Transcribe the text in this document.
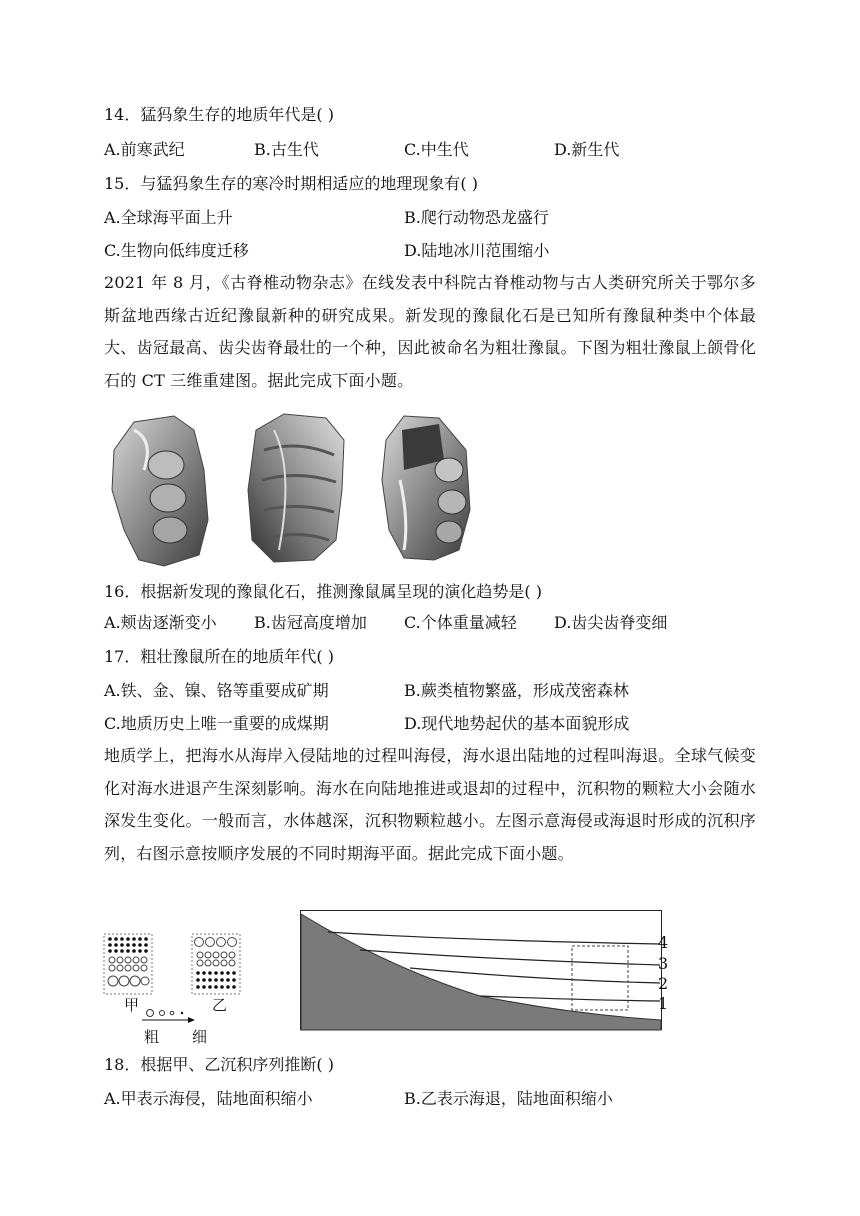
14．猛犸象生存的地质年代是( )
A.前寒武纪	B.古生代	C.中生代	D.新生代
15．与猛犸象生存的寒冷时期相适应的地理现象有( )
A.全球海平面上升	B.爬行动物恐龙盛行
C.生物向低纬度迁移	D.陆地冰川范围缩小
2021 年 8 月，《古脊椎动物杂志》在线发表中科院古脊椎动物与古人类研究所关于鄂尔多斯盆地西缘古近纪豫鼠新种的研究成果。新发现的豫鼠化石是已知所有豫鼠种类中个体最大、齿冠最高、齿尖齿脊最壮的一个种，因此被命名为粗壮豫鼠。下图为粗壮豫鼠上颌骨化石的 CT 三维重建图。据此完成下面小题。
16．根据新发现的豫鼠化石，推测豫鼠属呈现的演化趋势是( )
A.颊齿逐渐变小 B.齿冠高度增加 C.个体重量减轻 D.齿尖齿脊变细
17．粗壮豫鼠所在的地质年代( )
A.铁、金、镍、铬等重要成矿期	B.蕨类植物繁盛，形成茂密森林
C.地质历史上唯一重要的成煤期	D.现代地势起伏的基本面貌形成
地质学上，把海水从海岸入侵陆地的过程叫海侵，海水退出陆地的过程叫海退。全球气候变化对海水进退产生深刻影响。海水在向陆地推进或退却的过程中，沉积物的颗粒大小会随水深发生变化。一般而言，水体越深，沉积物颗粒越小。左图示意海侵或海退时形成的沉积序列，右图示意按顺序发展的不同时期海平面。据此完成下面小题。
甲	乙
粗 细
4
3
2
1
18．根据甲、乙沉积序列推断( )
A.甲表示海侵，陆地面积缩小	B.乙表示海退，陆地面积缩小
